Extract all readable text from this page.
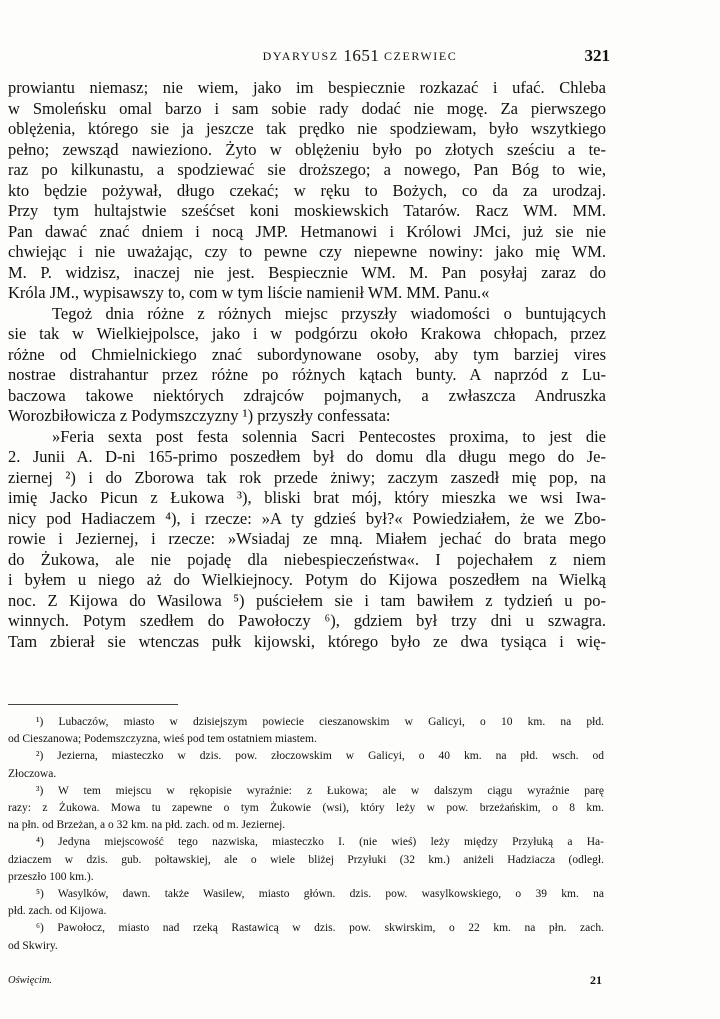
DYARYUSZ 1651 CZERWIEC	321

prowiantu niemasz; nie wiem, jako im bespiecznie rozkazać i ufać. Chleba

w Smoleńsku omal barzo i sam sobie rady dodać nie mogę. Za pierwszego

oblężenia, którego sie ja jeszcze tak prędko nie spodziewam, było wszytkiego

pełno; zewsząd nawieziono. Żyto w oblężeniu było po złotych sześciu a te-

raz po kilkunastu, a spodziewać sie droższego; a nowego, Pan Bóg to wie,

kto będzie pożywał, długo czekać; w ręku to Bożych, co da za urodzaj.

Przy tym hultajstwie sześćset koni moskiewskich Tatarów. Racz WM. MM.

Pan dawać znać dniem i nocą JMP. Hetmanowi i Królowi JMci, już sie nie

chwiejąc i nie uważając, czy to pewne czy niepewne nowiny: jako mię WM.

M. P. widzisz, inaczej nie jest. Bespiecznie WM. M. Pan posyłaj zaraz do

Króla JM., wypisawszy to, com w tym liście namienił WM. MM. Panu.«

Tegoż dnia różne z różnych miejsc przyszły wiadomości o buntujących

sie tak w Wielkiejpolsce, jako i w podgórzu około Krakowa chłopach, przez

różne od Chmielnickiego znać subordynowane osoby, aby tym barziej vires

nostrae distrahantur przez różne po różnych kątach bunty. A naprzód z Lu-

baczowa takowe niektórych zdrajców pojmanych, a zwłaszcza Andruszka

Worozbiłowicza z Podymszczyzny ¹) przyszły confessata:

»Feria sexta post festa solennia Sacri Pentecostes proxima, to jest die

2. Junii A. D-ni 165-primo poszedłem był do domu dla długu mego do Je-

ziernej ²) i do Zborowa tak rok przede żniwy; zaczym zaszedł mię pop, na

imię Jacko Picun z Łukowa ³), bliski brat mój, który mieszka we wsi Iwa-

nicy pod Hadiaczem ⁴), i rzecze: »A ty gdzieś był?« Powiedziałem, że we Zbo-

rowie i Jeziernej, i rzecze: »Wsiadaj ze mną. Miałem jechać do brata mego

do Żukowa, ale nie pojadę dla niebespieczeństwa«. I pojechałem z niem

i byłem u niego aż do Wielkiejnocy. Potym do Kijowa poszedłem na Wielką

noc. Z Kijowa do Wasilowa ⁵) puściełem sie i tam bawiłem z tydzień u po-

winnych. Potym szedłem do Pawołoczy ⁶), gdziem był trzy dni u szwagra.

Tam zbierał sie wtenczas pułk kijowski, którego było ze dwa tysiąca i wię-

¹) Lubaczów, miasto w dzisiejszym powiecie cieszanowskim w Galicyi, o 10 km. na płd.

od Cieszanowa; Podemszczyzna, wieś pod tem ostatniem miastem.

²) Jezierna, miasteczko w dzis. pow. złoczowskim w Galicyi, o 40 km. na płd. wsch. od

Złoczowa.

³) W tem miejscu w rękopisie wyraźnie: z Łukowa; ale w dalszym ciągu wyraźnie parę

razy: z Żukowa. Mowa tu zapewne o tym Żukowie (wsi), który leży w pow. brzeżańskim, o 8 km.

na płn. od Brzeżan, a o 32 km. na płd. zach. od m. Jeziernej.

⁴) Jedyna miejscowość tego nazwiska, miasteczko I. (nie wieś) leży między Przyłuką a Ha-

dziaczem w dzis. gub. połtawskiej, ale o wiele bliżej Przyłuki (32 km.) aniżeli Hadziacza (odległ.

przeszło 100 km.).

⁵) Wasylków, dawn. także Wasilew, miasto główn. dzis. pow. wasylkowskiego, o 39 km. na

płd. zach. od Kijowa.

⁶) Pawołocz, miasto nad rzeką Rastawicą w dzis. pow. skwirskim, o 22 km. na płn. zach.

od Skwiry.

Oświęcim.	21
